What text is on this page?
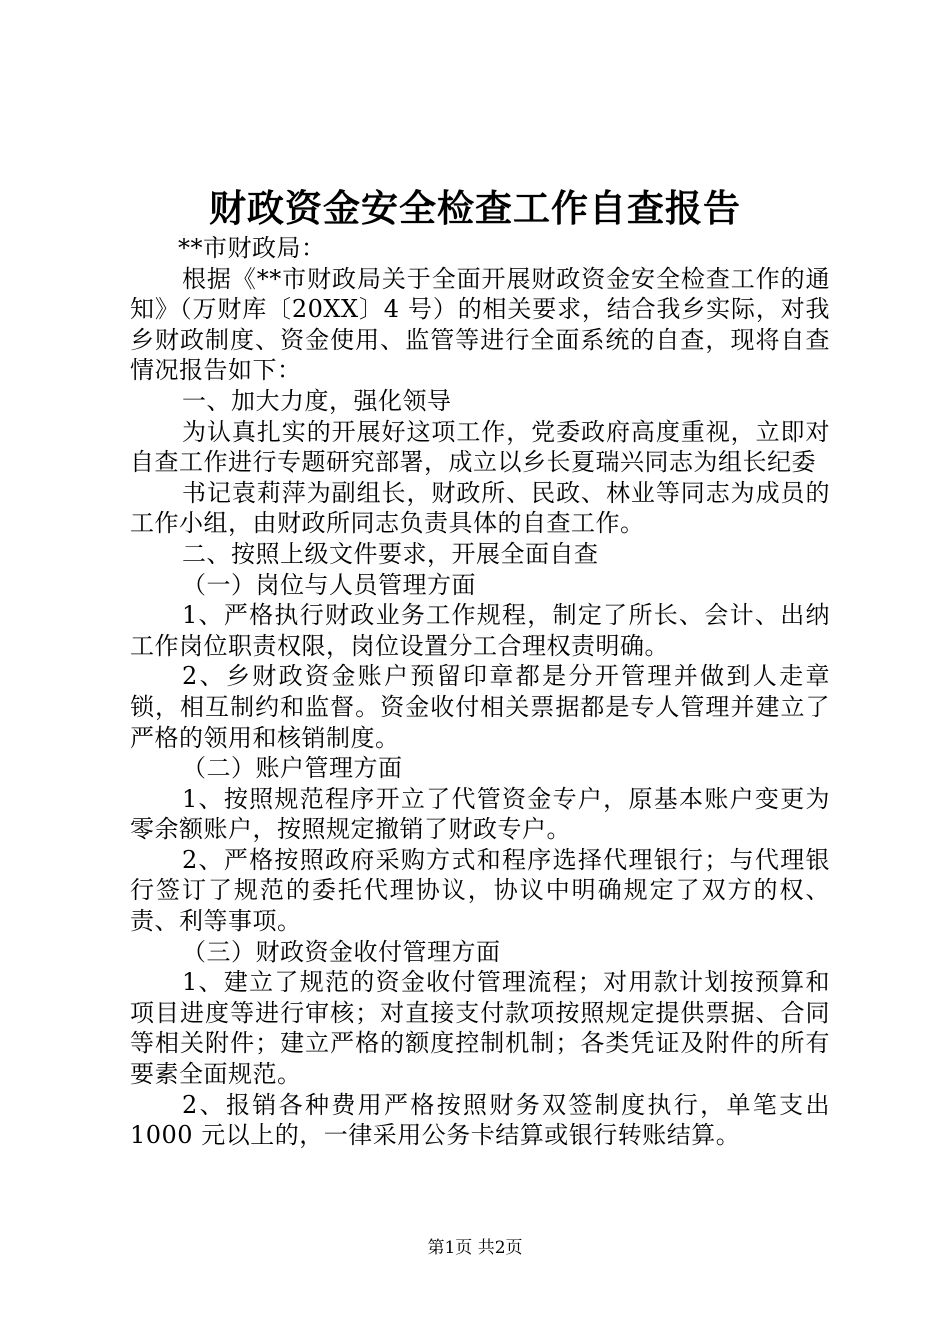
财政资金安全检查工作自查报告

**市财政局：

根据《**市财政局关于全面开展财政资金安全检查工作的通知》（万财库〔20XX〕4 号）的相关要求，结合我乡实际，对我乡财政制度、资金使用、监管等进行全面系统的自查，现将自查情况报告如下：

一、加大力度，强化领导

为认真扎实的开展好这项工作，党委政府高度重视，立即对自查工作进行专题研究部署，成立以乡长夏瑞兴同志为组长纪委

书记袁莉萍为副组长，财政所、民政、林业等同志为成员的工作小组，由财政所同志负责具体的自查工作。

二、按照上级文件要求，开展全面自查

（一）岗位与人员管理方面

1、严格执行财政业务工作规程，制定了所长、会计、出纳工作岗位职责权限，岗位设置分工合理权责明确。

2、乡财政资金账户预留印章都是分开管理并做到人走章锁，相互制约和监督。资金收付相关票据都是专人管理并建立了严格的领用和核销制度。

（二）账户管理方面

1、按照规范程序开立了代管资金专户，原基本账户变更为零余额账户，按照规定撤销了财政专户。

2、严格按照政府采购方式和程序选择代理银行；与代理银行签订了规范的委托代理协议，协议中明确规定了双方的权、责、利等事项。

（三）财政资金收付管理方面

1、建立了规范的资金收付管理流程；对用款计划按预算和项目进度等进行审核；对直接支付款项按照规定提供票据、合同等相关附件；建立严格的额度控制机制；各类凭证及附件的所有要素全面规范。

2、报销各种费用严格按照财务双签制度执行，单笔支出1000 元以上的，一律采用公务卡结算或银行转账结算。

第1页 共2页
